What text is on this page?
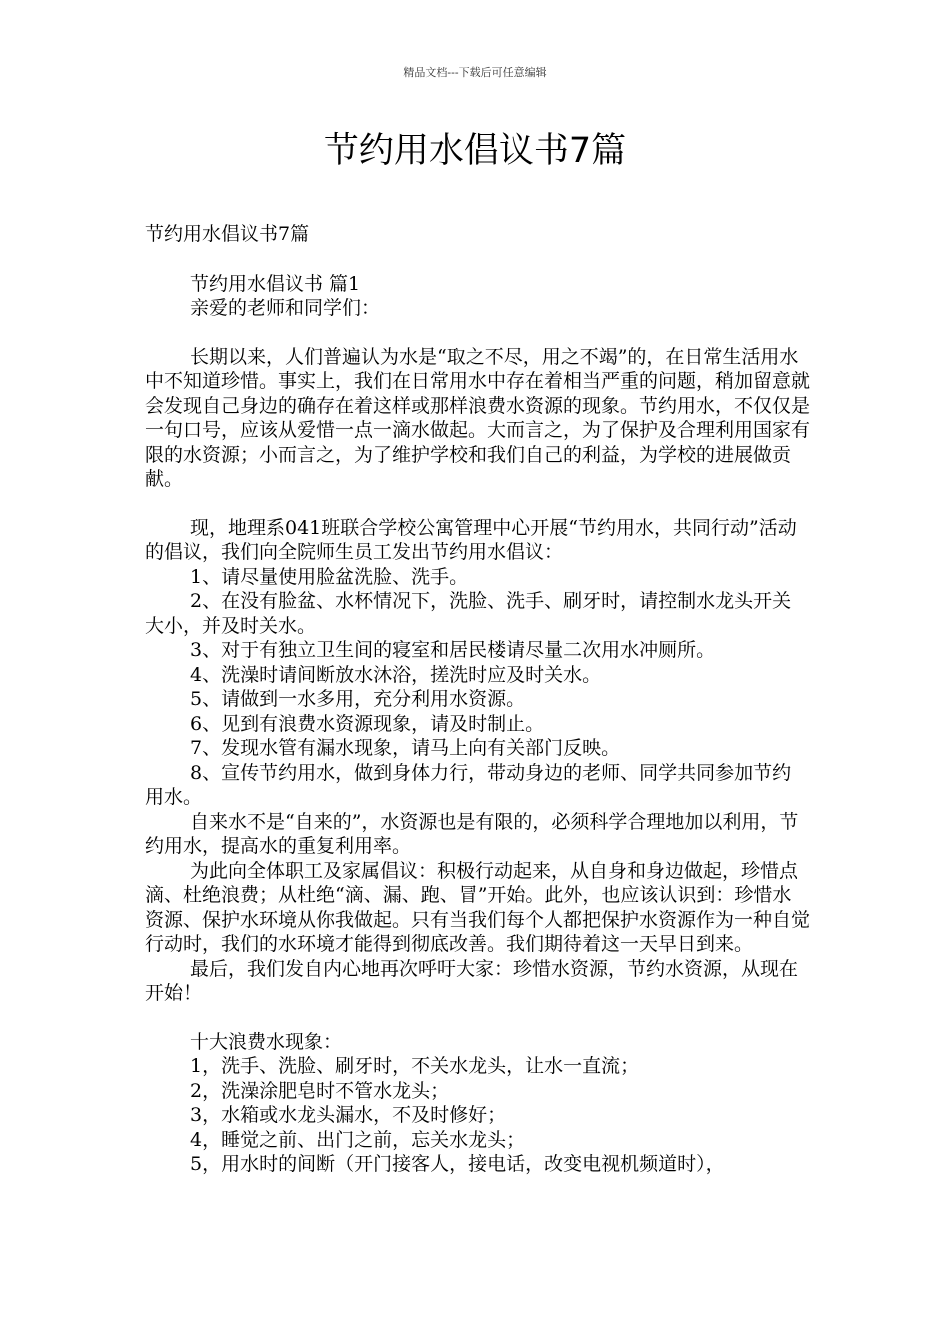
精品文档---下载后可任意编辑
节约用水倡议书7篇

节约用水倡议书7篇

节约用水倡议书 篇1

亲爱的老师和同学们：

长期以来，人们普遍认为水是“取之不尽，用之不竭”的，在日常生活用水中不知道珍惜。事实上，我们在日常用水中存在着相当严重的问题，稍加留意就会发现自己身边的确存在着这样或那样浪费水资源的现象。节约用水，不仅仅是一句口号，应该从爱惜一点一滴水做起。大而言之，为了保护及合理利用国家有限的水资源；小而言之，为了维护学校和我们自己的利益，为学校的进展做贡献。

现，地理系041班联合学校公寓管理中心开展“节约用水，共同行动”活动的倡议，我们向全院师生员工发出节约用水倡议：

1、请尽量使用脸盆洗脸、洗手。

2、在没有脸盆、水杯情况下，洗脸、洗手、刷牙时，请控制水龙头开关大小，并及时关水。

3、对于有独立卫生间的寝室和居民楼请尽量二次用水冲厕所。

4、洗澡时请间断放水沐浴，搓洗时应及时关水。

5、请做到一水多用，充分利用水资源。

6、见到有浪费水资源现象，请及时制止。

7、发现水管有漏水现象，请马上向有关部门反映。

8、宣传节约用水，做到身体力行，带动身边的老师、同学共同参加节约用水。

自来水不是“自来的”，水资源也是有限的，必须科学合理地加以利用，节约用水，提高水的重复利用率。

为此向全体职工及家属倡议：积极行动起来，从自身和身边做起，珍惜点滴、杜绝浪费；从杜绝“滴、漏、跑、冒”开始。此外，也应该认识到：珍惜水资源、保护水环境从你我做起。只有当我们每个人都把保护水资源作为一种自觉行动时，我们的水环境才能得到彻底改善。我们期待着这一天早日到来。

最后，我们发自内心地再次呼吁大家：珍惜水资源，节约水资源，从现在开始！

十大浪费水现象：

1，洗手、洗脸、刷牙时，不关水龙头，让水一直流；

2，洗澡涂肥皂时不管水龙头；

3，水箱或水龙头漏水，不及时修好；

4，睡觉之前、出门之前，忘关水龙头；

5，用水时的间断（开门接客人，接电话，改变电视机频道时），
